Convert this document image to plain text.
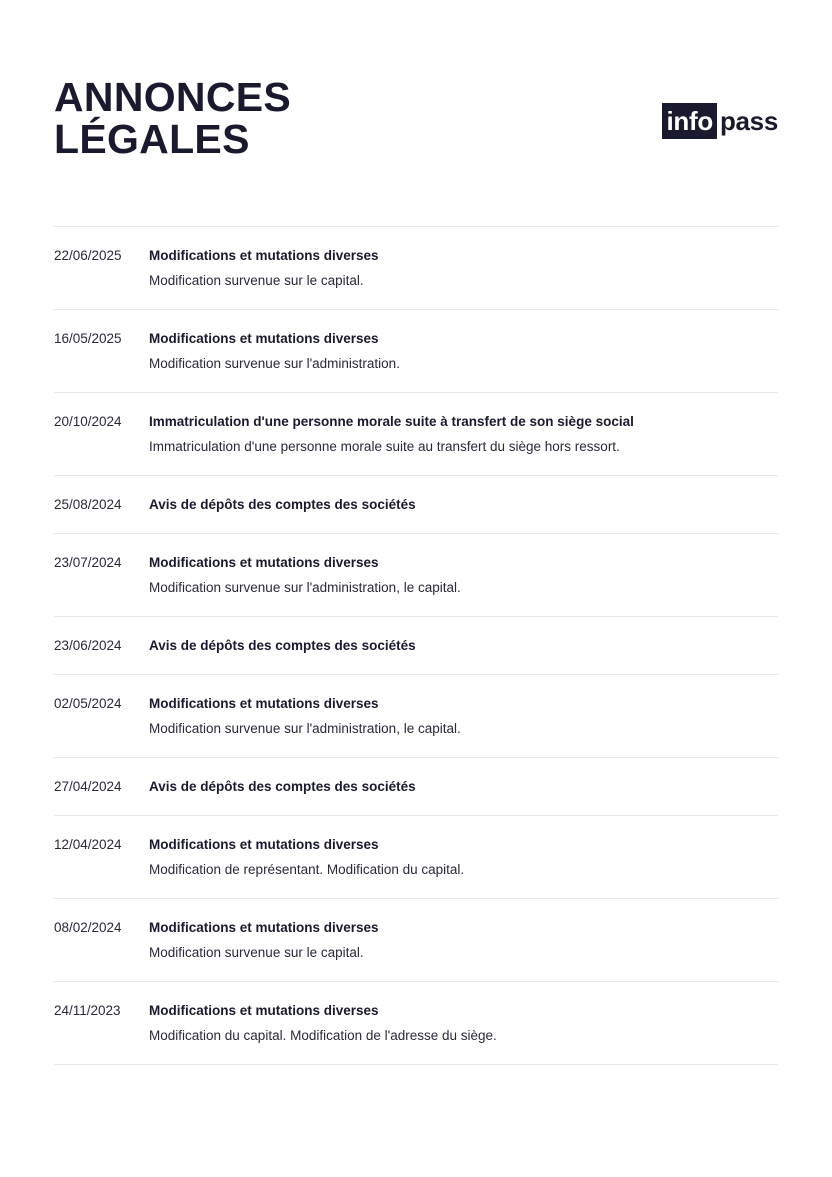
ANNONCES
LÉGALES	info pass
22/06/2025	Modifications et mutations diverses
Modification survenue sur le capital.
16/05/2025	Modifications et mutations diverses
Modification survenue sur l'administration.
20/10/2024	Immatriculation d'une personne morale suite à transfert de son siège social
Immatriculation d'une personne morale suite au transfert du siège hors ressort.
25/08/2024	Avis de dépôts des comptes des sociétés
23/07/2024	Modifications et mutations diverses
Modification survenue sur l'administration, le capital.
23/06/2024	Avis de dépôts des comptes des sociétés
02/05/2024	Modifications et mutations diverses
Modification survenue sur l'administration, le capital.
27/04/2024	Avis de dépôts des comptes des sociétés
12/04/2024	Modifications et mutations diverses
Modification de représentant. Modification du capital.
08/02/2024	Modifications et mutations diverses
Modification survenue sur le capital.
24/11/2023	Modifications et mutations diverses
Modification du capital. Modification de l'adresse du siège.
